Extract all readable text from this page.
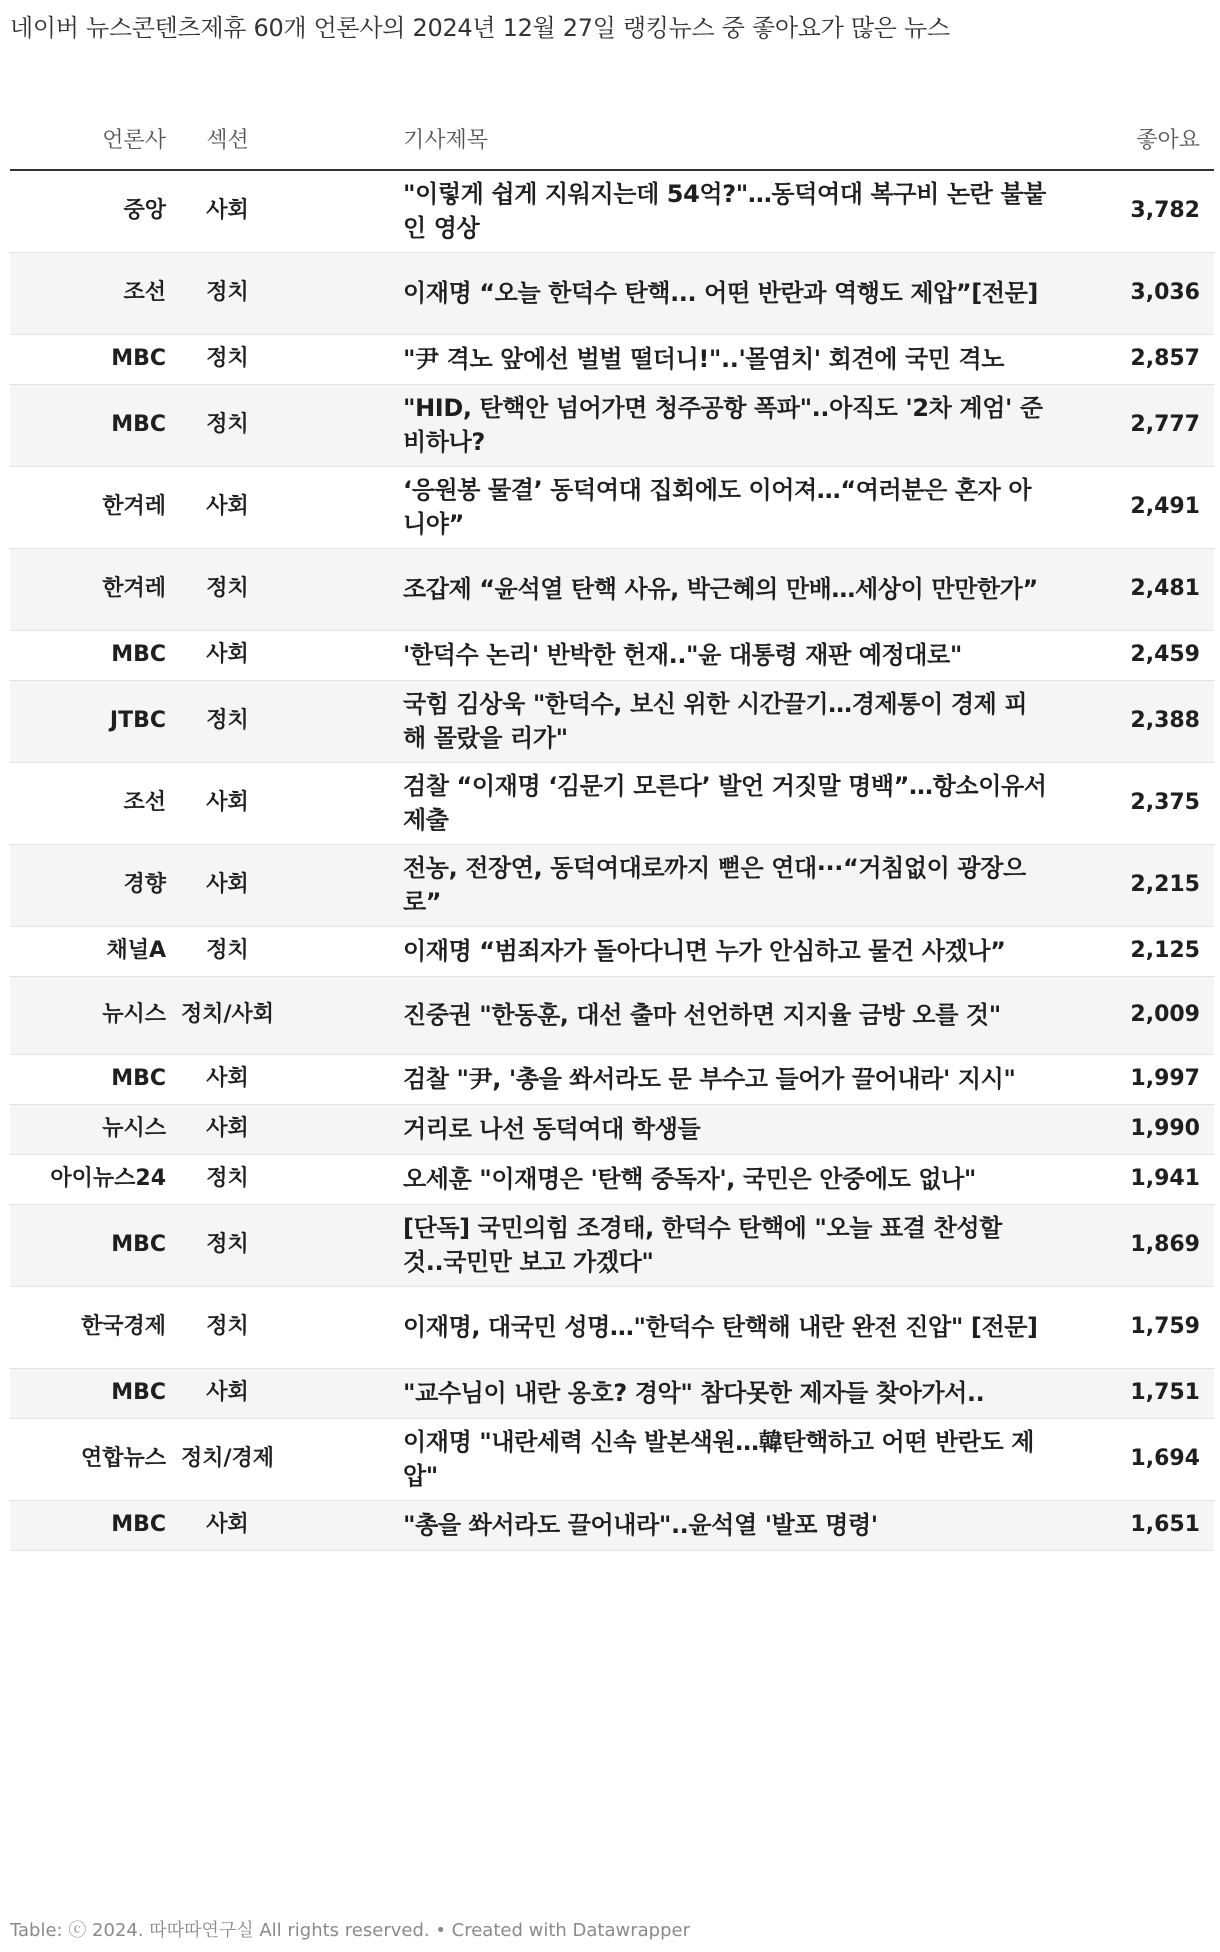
네이버 뉴스콘텐츠제휴 60개 언론사의 2024년 12월 27일 랭킹뉴스 중 좋아요가 많은 뉴스
언론사	섹션	기사제목	좋아요
중앙	사회	"이렇게 쉽게 지워지는데 54억?"…동덕여대 복구비 논란 불붙인 영상	3,782
조선	정치	이재명 “오늘 한덕수 탄핵... 어떤 반란과 역행도 제압”[전문]	3,036
MBC	정치	"尹 격노 앞에선 벌벌 떨더니!"..'몰염치' 회견에 국민 격노	2,857
MBC	정치	"HID, 탄핵안 넘어가면 청주공항 폭파"..아직도 '2차 계엄' 준비하나?	2,777
한겨레	사회	‘응원봉 물결’ 동덕여대 집회에도 이어져…“여러분은 혼자 아니야”	2,491
한겨레	정치	조갑제 “윤석열 탄핵 사유, 박근혜의 만배…세상이 만만한가”	2,481
MBC	사회	'한덕수 논리' 반박한 헌재.."윤 대통령 재판 예정대로"	2,459
JTBC	정치	국힘 김상욱 "한덕수, 보신 위한 시간끌기…경제통이 경제 피해 몰랐을 리가"	2,388
조선	사회	검찰 “이재명 ‘김문기 모른다’ 발언 거짓말 명백”…항소이유서 제출	2,375
경향	사회	전농, 전장연, 동덕여대로까지 뻗은 연대···“거침없이 광장으로”	2,215
채널A	정치	이재명 “범죄자가 돌아다니면 누가 안심하고 물건 사겠나”	2,125
뉴시스	정치/사회	진중권 "한동훈, 대선 출마 선언하면 지지율 금방 오를 것"	2,009
MBC	사회	검찰 "尹, '총을 쏴서라도 문 부수고 들어가 끌어내라' 지시"	1,997
뉴시스	사회	거리로 나선 동덕여대 학생들	1,990
아이뉴스24	정치	오세훈 "이재명은 '탄핵 중독자', 국민은 안중에도 없나"	1,941
MBC	정치	[단독] 국민의힘 조경태, 한덕수 탄핵에 "오늘 표결 찬성할 것..국민만 보고 가겠다"	1,869
한국경제	정치	이재명, 대국민 성명…"한덕수 탄핵해 내란 완전 진압" [전문]	1,759
MBC	사회	"교수님이 내란 옹호? 경악" 참다못한 제자들 찾아가서..	1,751
연합뉴스	정치/경제	이재명 "내란세력 신속 발본색원…韓탄핵하고 어떤 반란도 제압"	1,694
MBC	사회	"총을 쏴서라도 끌어내라"..윤석열 '발포 명령'	1,651
Table: ⓒ 2024. 따따따연구실 All rights reserved. • Created with Datawrapper
